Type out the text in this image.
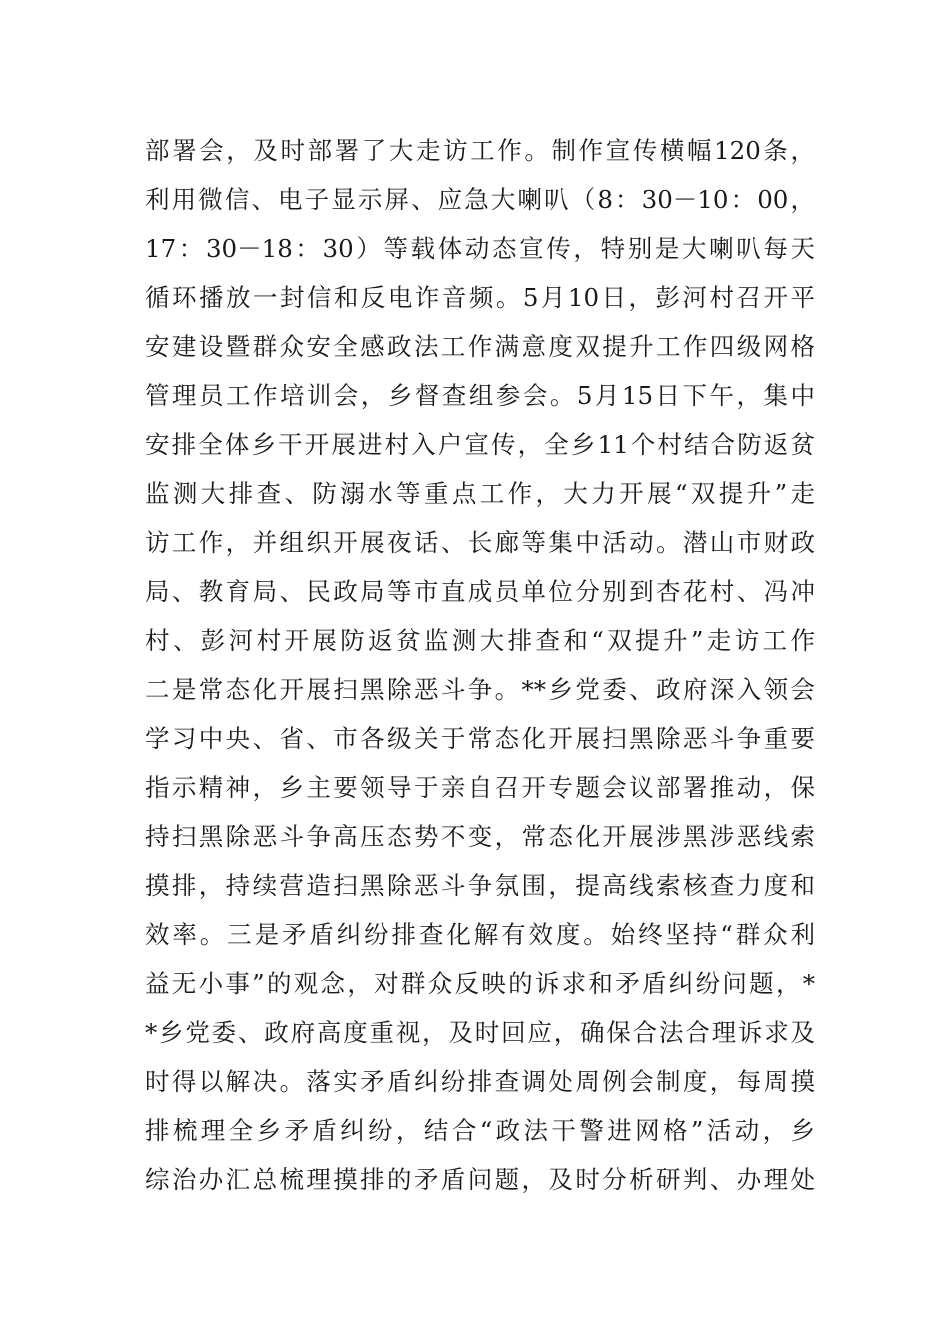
部署会，及时部署了大走访工作。制作宣传横幅120条，
利用微信、电子显示屏、应急大喇叭（8：30－10：00，
17：30－18：30）等载体动态宣传，特别是大喇叭每天
循环播放一封信和反电诈音频。5月10日，彭河村召开平
安建设暨群众安全感政法工作满意度双提升工作四级网格
管理员工作培训会，乡督查组参会。5月15日下午，集中
安排全体乡干开展进村入户宣传，全乡11个村结合防返贫
监测大排查、防溺水等重点工作，大力开展“双提升”走
访工作，并组织开展夜话、长廊等集中活动。潜山市财政
局、教育局、民政局等市直成员单位分别到杏花村、冯冲
村、彭河村开展防返贫监测大排查和“双提升”走访工作
二是常态化开展扫黑除恶斗争。**乡党委、政府深入领会
学习中央、省、市各级关于常态化开展扫黑除恶斗争重要
指示精神，乡主要领导于亲自召开专题会议部署推动，保
持扫黑除恶斗争高压态势不变，常态化开展涉黑涉恶线索
摸排，持续营造扫黑除恶斗争氛围，提高线索核查力度和
效率。三是矛盾纠纷排查化解有效度。始终坚持“群众利
益无小事”的观念，对群众反映的诉求和矛盾纠纷问题，*
*乡党委、政府高度重视，及时回应，确保合法合理诉求及
时得以解决。落实矛盾纠纷排查调处周例会制度，每周摸
排梳理全乡矛盾纠纷，结合“政法干警进网格”活动，乡
综治办汇总梳理摸排的矛盾问题，及时分析研判、办理处
